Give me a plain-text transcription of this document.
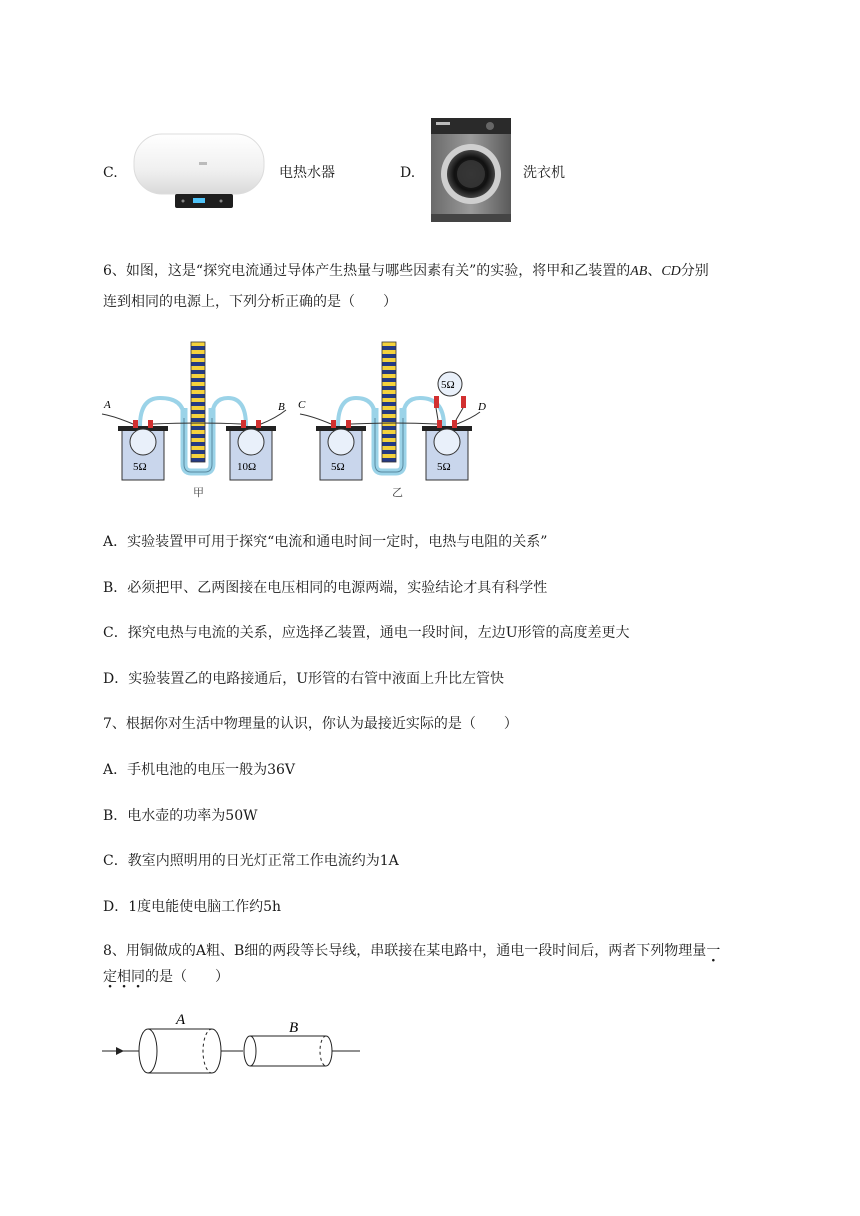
C.	电热水器	D.	洗衣机
6、如图，这是“探究电流通过导体产生热量与哪些因素有关”的实验，将甲和乙装置的AB、CD分别
连到相同的电源上，下列分析正确的是（　　）
A	B
5Ω	10Ω
甲
C	D
5Ω	5Ω
5Ω
乙
A．实验装置甲可用于探究“电流和通电时间一定时，电热与电阻的关系”
B．必须把甲、乙两图接在电压相同的电源两端，实验结论才具有科学性
C．探究电热与电流的关系，应选择乙装置，通电一段时间，左边U形管的高度差更大
D．实验装置乙的电路接通后，U形管的右管中液面上升比左管快
7、根据你对生活中物理量的认识，你认为最接近实际的是（　　）
A．手机电池的电压一般为36V
B．电水壶的功率为50W
C．教室内照明用的日光灯正常工作电流约为1A
D．1度电能使电脑工作约5h
8、用铜做成的A粗、B细的两段等长导线，串联接在某电路中，通电一段时间后，两者下列物理量一
定相同的是（　　）
A	B
